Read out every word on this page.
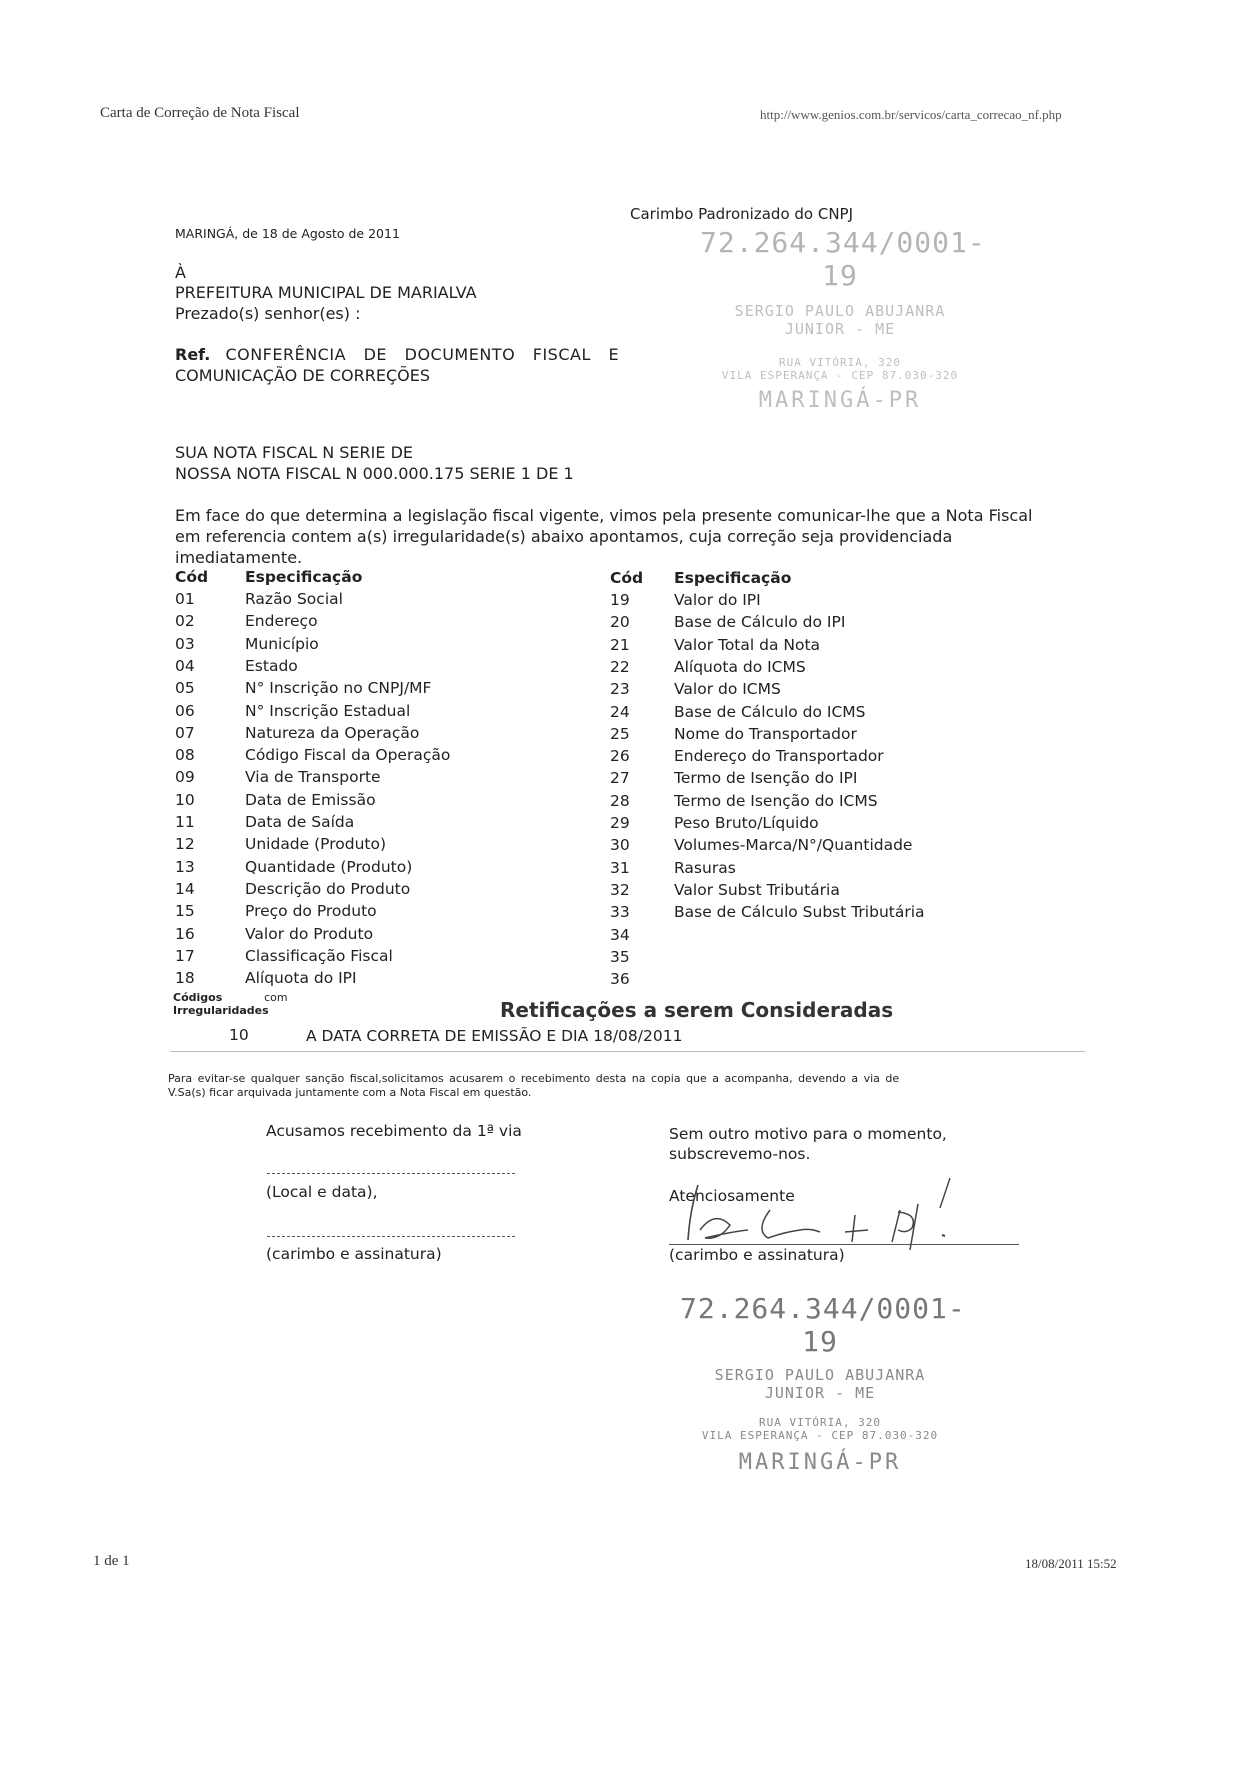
Carta de Correção de Nota Fiscal	http://www.genios.com.br/servicos/carta_correcao_nf.php
MARINGÁ, de 18 de Agosto de 2011
Carimbo Padronizado do CNPJ
72.264.344/0001-19
SERGIO PAULO ABUJANRA
JUNIOR - ME
RUA VITÓRIA, 320
VILA ESPERANÇA - CEP 87.030-320
MARINGÁ-PR
À
PREFEITURA MUNICIPAL DE MARIALVA
Prezado(s) senhor(es) :
Ref. CONFERÊNCIA DE DOCUMENTO FISCAL E
COMUNICAÇÃO DE CORREÇÕES
SUA NOTA FISCAL N SERIE DE
NOSSA NOTA FISCAL N 000.000.175 SERIE 1 DE 1
Em face do que determina a legislação fiscal vigente, vimos pela presente comunicar-lhe que a Nota Fiscal
em referencia contem a(s) irregularidade(s) abaixo apontamos, cuja correção seja providenciada
imediatamente.
Cód Especificação	Cód Especificação
01	Razão Social
02	Endereço
03	Município
04	Estado
05	N° Inscrição no CNPJ/MF
06	N° Inscrição Estadual
07	Natureza da Operação
08	Código Fiscal da Operação
09	Via de Transporte
10	Data de Emissão
11	Data de Saída
12	Unidade (Produto)
13	Quantidade (Produto)
14	Descrição do Produto
15	Preço do Produto
16	Valor do Produto
17	Classificação Fiscal
18	Alíquota do IPI
19	Valor do IPI
20	Base de Cálculo do IPI
21	Valor Total da Nota
22	Alíquota do ICMS
23	Valor do ICMS
24	Base de Cálculo do ICMS
25	Nome do Transportador
26	Endereço do Transportador
27	Termo de Isenção do IPI
28	Termo de Isenção do ICMS
29	Peso Bruto/Líquido
30	Volumes-Marca/N°/Quantidade
31	Rasuras
32	Valor Subst Tributária
33	Base de Cálculo Subst Tributária
34
35
36
Códigos	com
Irregularidades	Retificações a serem Consideradas
10	A DATA CORRETA DE EMISSÃO E DIA 18/08/2011
Para evitar-se qualquer sanção fiscal,solicitamos acusarem o recebimento desta na copia que a acompanha, devendo a via de
V.Sa(s) ficar arquivada juntamente com a Nota Fiscal em questão.
Acusamos recebimento da 1ª via
(Local e data),
(carimbo e assinatura)
Sem outro motivo para o momento,
subscrevemo-nos.
Atenciosamente
(carimbo e assinatura)
72.264.344/0001-19
SERGIO PAULO ABUJANRA
JUNIOR - ME
RUA VITÓRIA, 320
VILA ESPERANÇA - CEP 87.030-320
MARINGÁ-PR
1 de 1	18/08/2011 15:52
